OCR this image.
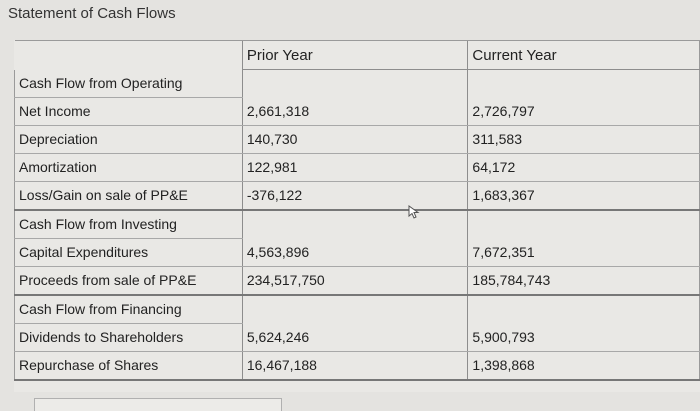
Statement of Cash Flows
	Prior Year	Current Year
Cash Flow from Operating		
Net Income	2,661,318	2,726,797
Depreciation	140,730	311,583
Amortization	122,981	64,172
Loss/Gain on sale of PP&E	-376,122	1,683,367
Cash Flow from Investing		
Capital Expenditures	4,563,896	7,672,351
Proceeds from sale of PP&E	234,517,750	185,784,743
Cash Flow from Financing		
Dividends to Shareholders	5,624,246	5,900,793
Repurchase of Shares	16,467,188	1,398,868
